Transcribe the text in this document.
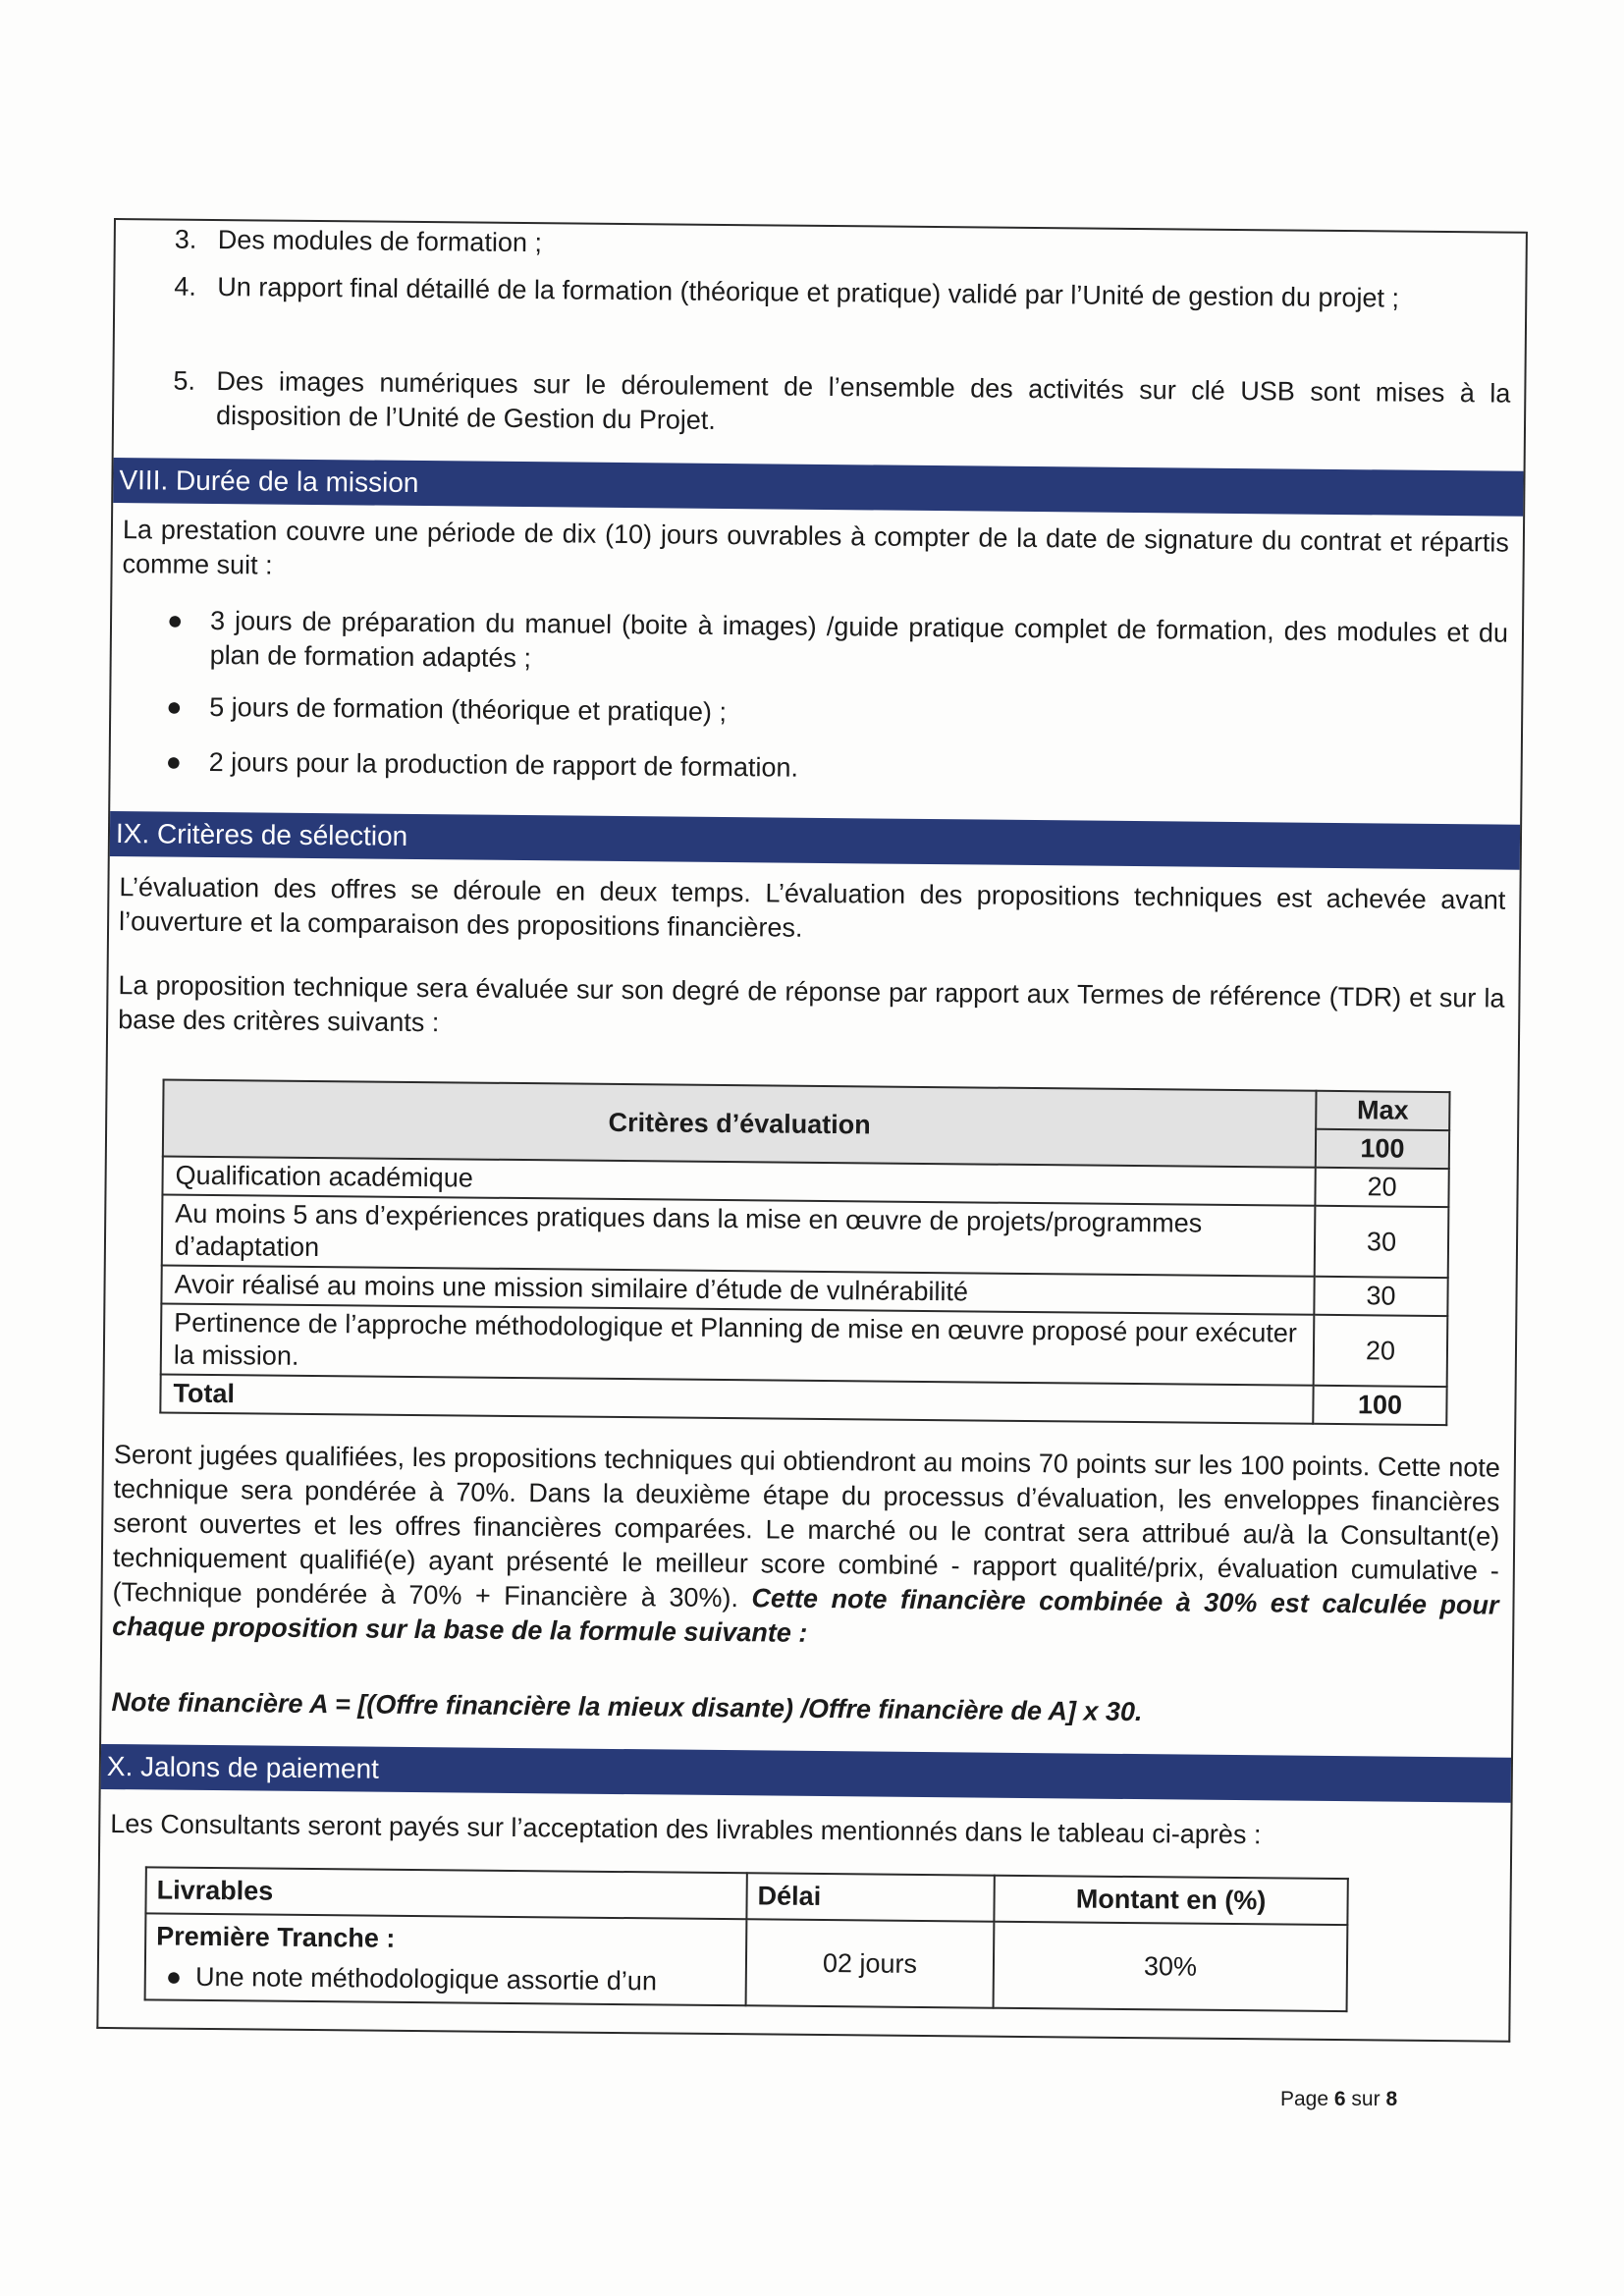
3. Des modules de formation ;
4. Un rapport final détaillé de la formation (théorique et pratique) validé par l’Unité de gestion du projet ;
5. Des images numériques sur le déroulement de l’ensemble des activités sur clé USB sont mises à la disposition de l’Unité de Gestion du Projet.
VIII. Durée de la mission
La prestation couvre une période de dix (10) jours ouvrables à compter de la date de signature du contrat et répartis comme suit :
● 3 jours de préparation du manuel (boite à images) /guide pratique complet de formation, des modules et du plan de formation adaptés ;
● 5 jours de formation (théorique et pratique) ;
● 2 jours pour la production de rapport de formation.
IX. Critères de sélection
L’évaluation des offres se déroule en deux temps. L’évaluation des propositions techniques est achevée avant l’ouverture et la comparaison des propositions financières.
La proposition technique sera évaluée sur son degré de réponse par rapport aux Termes de référence (TDR) et sur la base des critères suivants :
Critères d’évaluation	Max
	100
Qualification académique	20
Au moins 5 ans d’expériences pratiques dans la mise en œuvre de projets/programmes d’adaptation	30
Avoir réalisé au moins une mission similaire d’étude de vulnérabilité	30
Pertinence de l’approche méthodologique et Planning de mise en œuvre proposé pour exécuter la mission.	20
Total	100
Seront jugées qualifiées, les propositions techniques qui obtiendront au moins 70 points sur les 100 points. Cette note technique sera pondérée à 70%. Dans la deuxième étape du processus d’évaluation, les enveloppes financières seront ouvertes et les offres financières comparées. Le marché ou le contrat sera attribué au/à la Consultant(e) techniquement qualifié(e) ayant présenté le meilleur score combiné - rapport qualité/prix, évaluation cumulative - (Technique pondérée à 70% + Financière à 30%). Cette note financière combinée à 30% est calculée pour chaque proposition sur la base de la formule suivante :
Note financière A = [(Offre financière la mieux disante) /Offre financière de A] x 30.
X. Jalons de paiement
Les Consultants seront payés sur l’acceptation des livrables mentionnés dans le tableau ci-après :
Livrables	Délai	Montant en (%)

Première Tranche :
● Une note méthodologique assortie d’un	02 jours	30%
Page 6 sur 8
